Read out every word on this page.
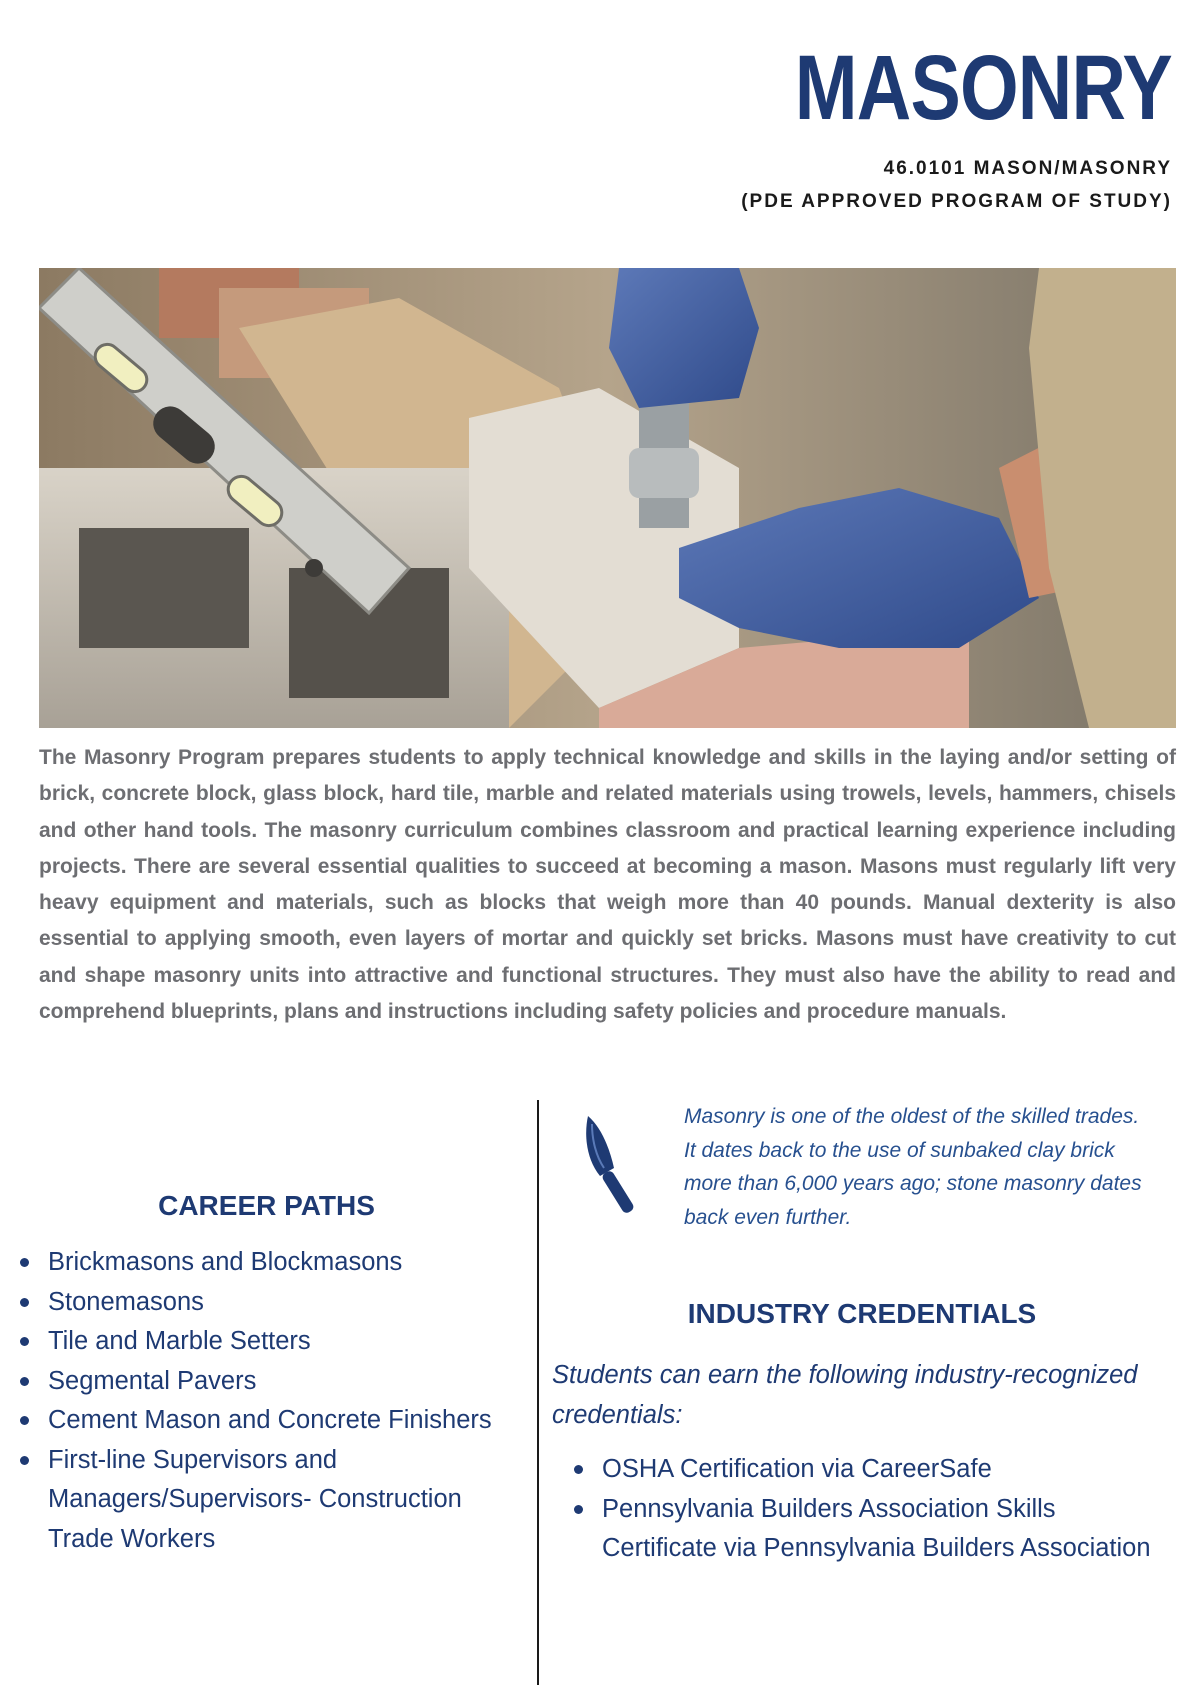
MASONRY
46.0101 MASON/MASONRY
(PDE APPROVED PROGRAM OF STUDY)

The Masonry Program prepares students to apply technical knowledge and skills in the laying and/or setting of brick, concrete block, glass block, hard tile, marble and related materials using trowels, levels, hammers, chisels and other hand tools. The masonry curriculum combines classroom and practical learning experience including projects. There are several essential qualities to succeed at becoming a mason. Masons must regularly lift very heavy equipment and materials, such as blocks that weigh more than 40 pounds. Manual dexterity is also essential to applying smooth, even layers of mortar and quickly set bricks. Masons must have creativity to cut and shape masonry units into attractive and functional structures. They must also have the ability to read and comprehend blueprints, plans and instructions including safety policies and procedure manuals.

CAREER PATHS
Brickmasons and Blockmasons
Stonemasons
Tile and Marble Setters
Segmental Pavers
Cement Mason and Concrete Finishers
First-line Supervisors and Managers/Supervisors- Construction Trade Workers

Masonry is one of the oldest of the skilled trades. It dates back to the use of sunbaked clay brick more than 6,000 years ago; stone masonry dates back even further.

INDUSTRY CREDENTIALS

Students can earn the following industry-recognized credentials:

OSHA Certification via CareerSafe
Pennsylvania Builders Association Skills Certificate via Pennsylvania Builders Association
